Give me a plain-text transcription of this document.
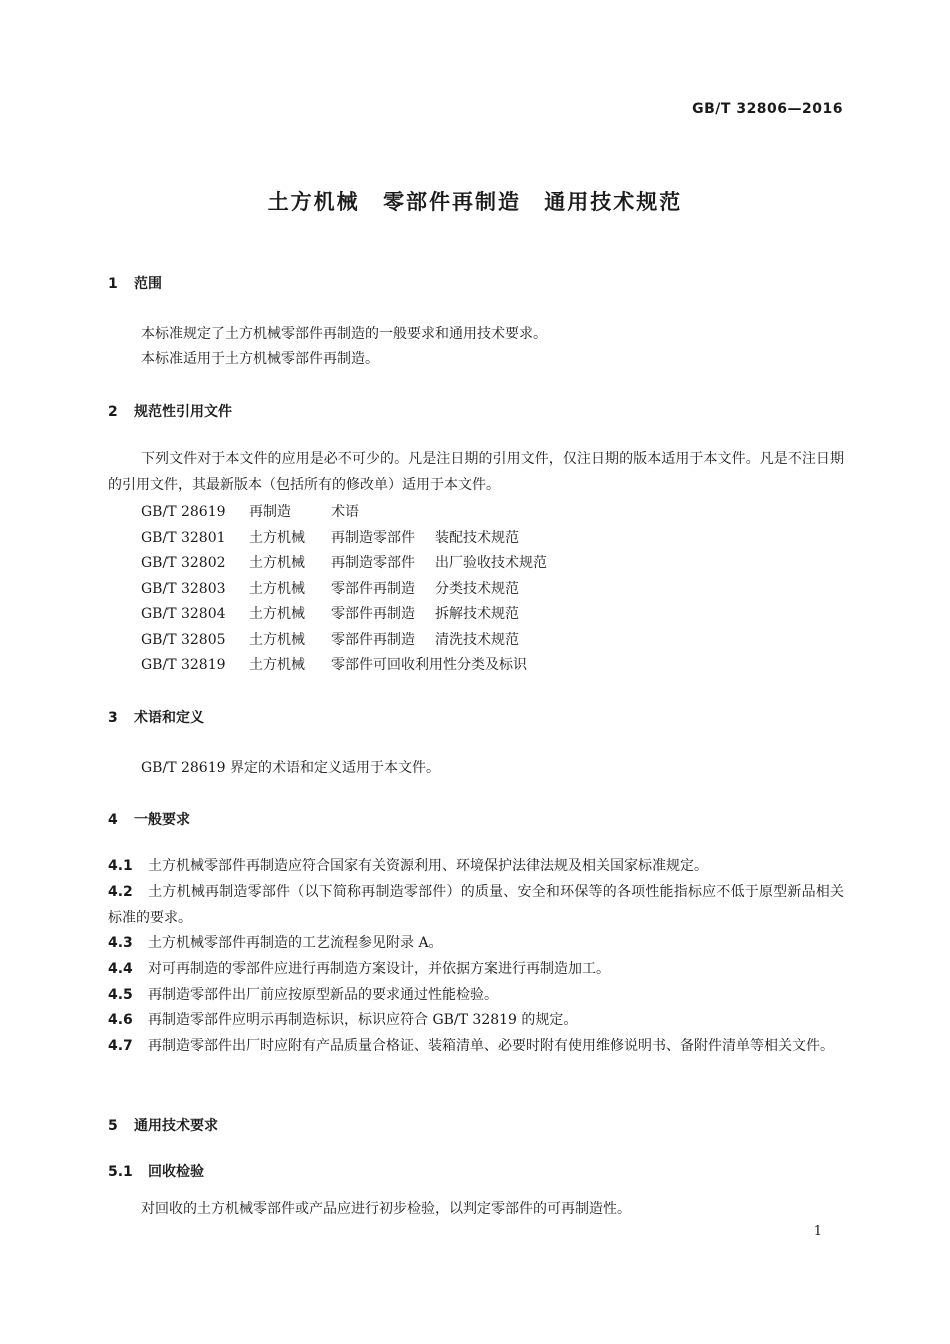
GB/T 32806—2016
土方机械 零部件再制造 通用技术规范
1 范围
本标准规定了土方机械零部件再制造的一般要求和通用技术要求。
本标准适用于土方机械零部件再制造。
2 规范性引用文件
下列文件对于本文件的应用是必不可少的。凡是注日期的引用文件，仅注日期的版本适用于本文件。凡是不注日期的引用文件，其最新版本（包括所有的修改单）适用于本文件。
GB/T 28619 再制造	术语
GB/T 32801 土方机械 再制造零部件 装配技术规范
GB/T 32802 土方机械 再制造零部件 出厂验收技术规范
GB/T 32803 土方机械 零部件再制造 分类技术规范
GB/T 32804 土方机械 零部件再制造 拆解技术规范
GB/T 32805 土方机械 零部件再制造 清洗技术规范
GB/T 32819 土方机械 零部件可回收利用性分类及标识
3 术语和定义
GB/T 28619 界定的术语和定义适用于本文件。
4 一般要求
4.1 土方机械零部件再制造应符合国家有关资源利用、环境保护法律法规及相关国家标准规定。
4.2 土方机械再制造零部件（以下简称再制造零部件）的质量、安全和环保等的各项性能指标应不低于原型新品相关标准的要求。
4.3 土方机械零部件再制造的工艺流程参见附录 A。
4.4 对可再制造的零部件应进行再制造方案设计，并依据方案进行再制造加工。
4.5 再制造零部件出厂前应按原型新品的要求通过性能检验。
4.6 再制造零部件应明示再制造标识，标识应符合 GB/T 32819 的规定。
4.7 再制造零部件出厂时应附有产品质量合格证、装箱清单、必要时附有使用维修说明书、备附件清单等相关文件。
5 通用技术要求
5.1 回收检验
对回收的土方机械零部件或产品应进行初步检验，以判定零部件的可再制造性。
1
